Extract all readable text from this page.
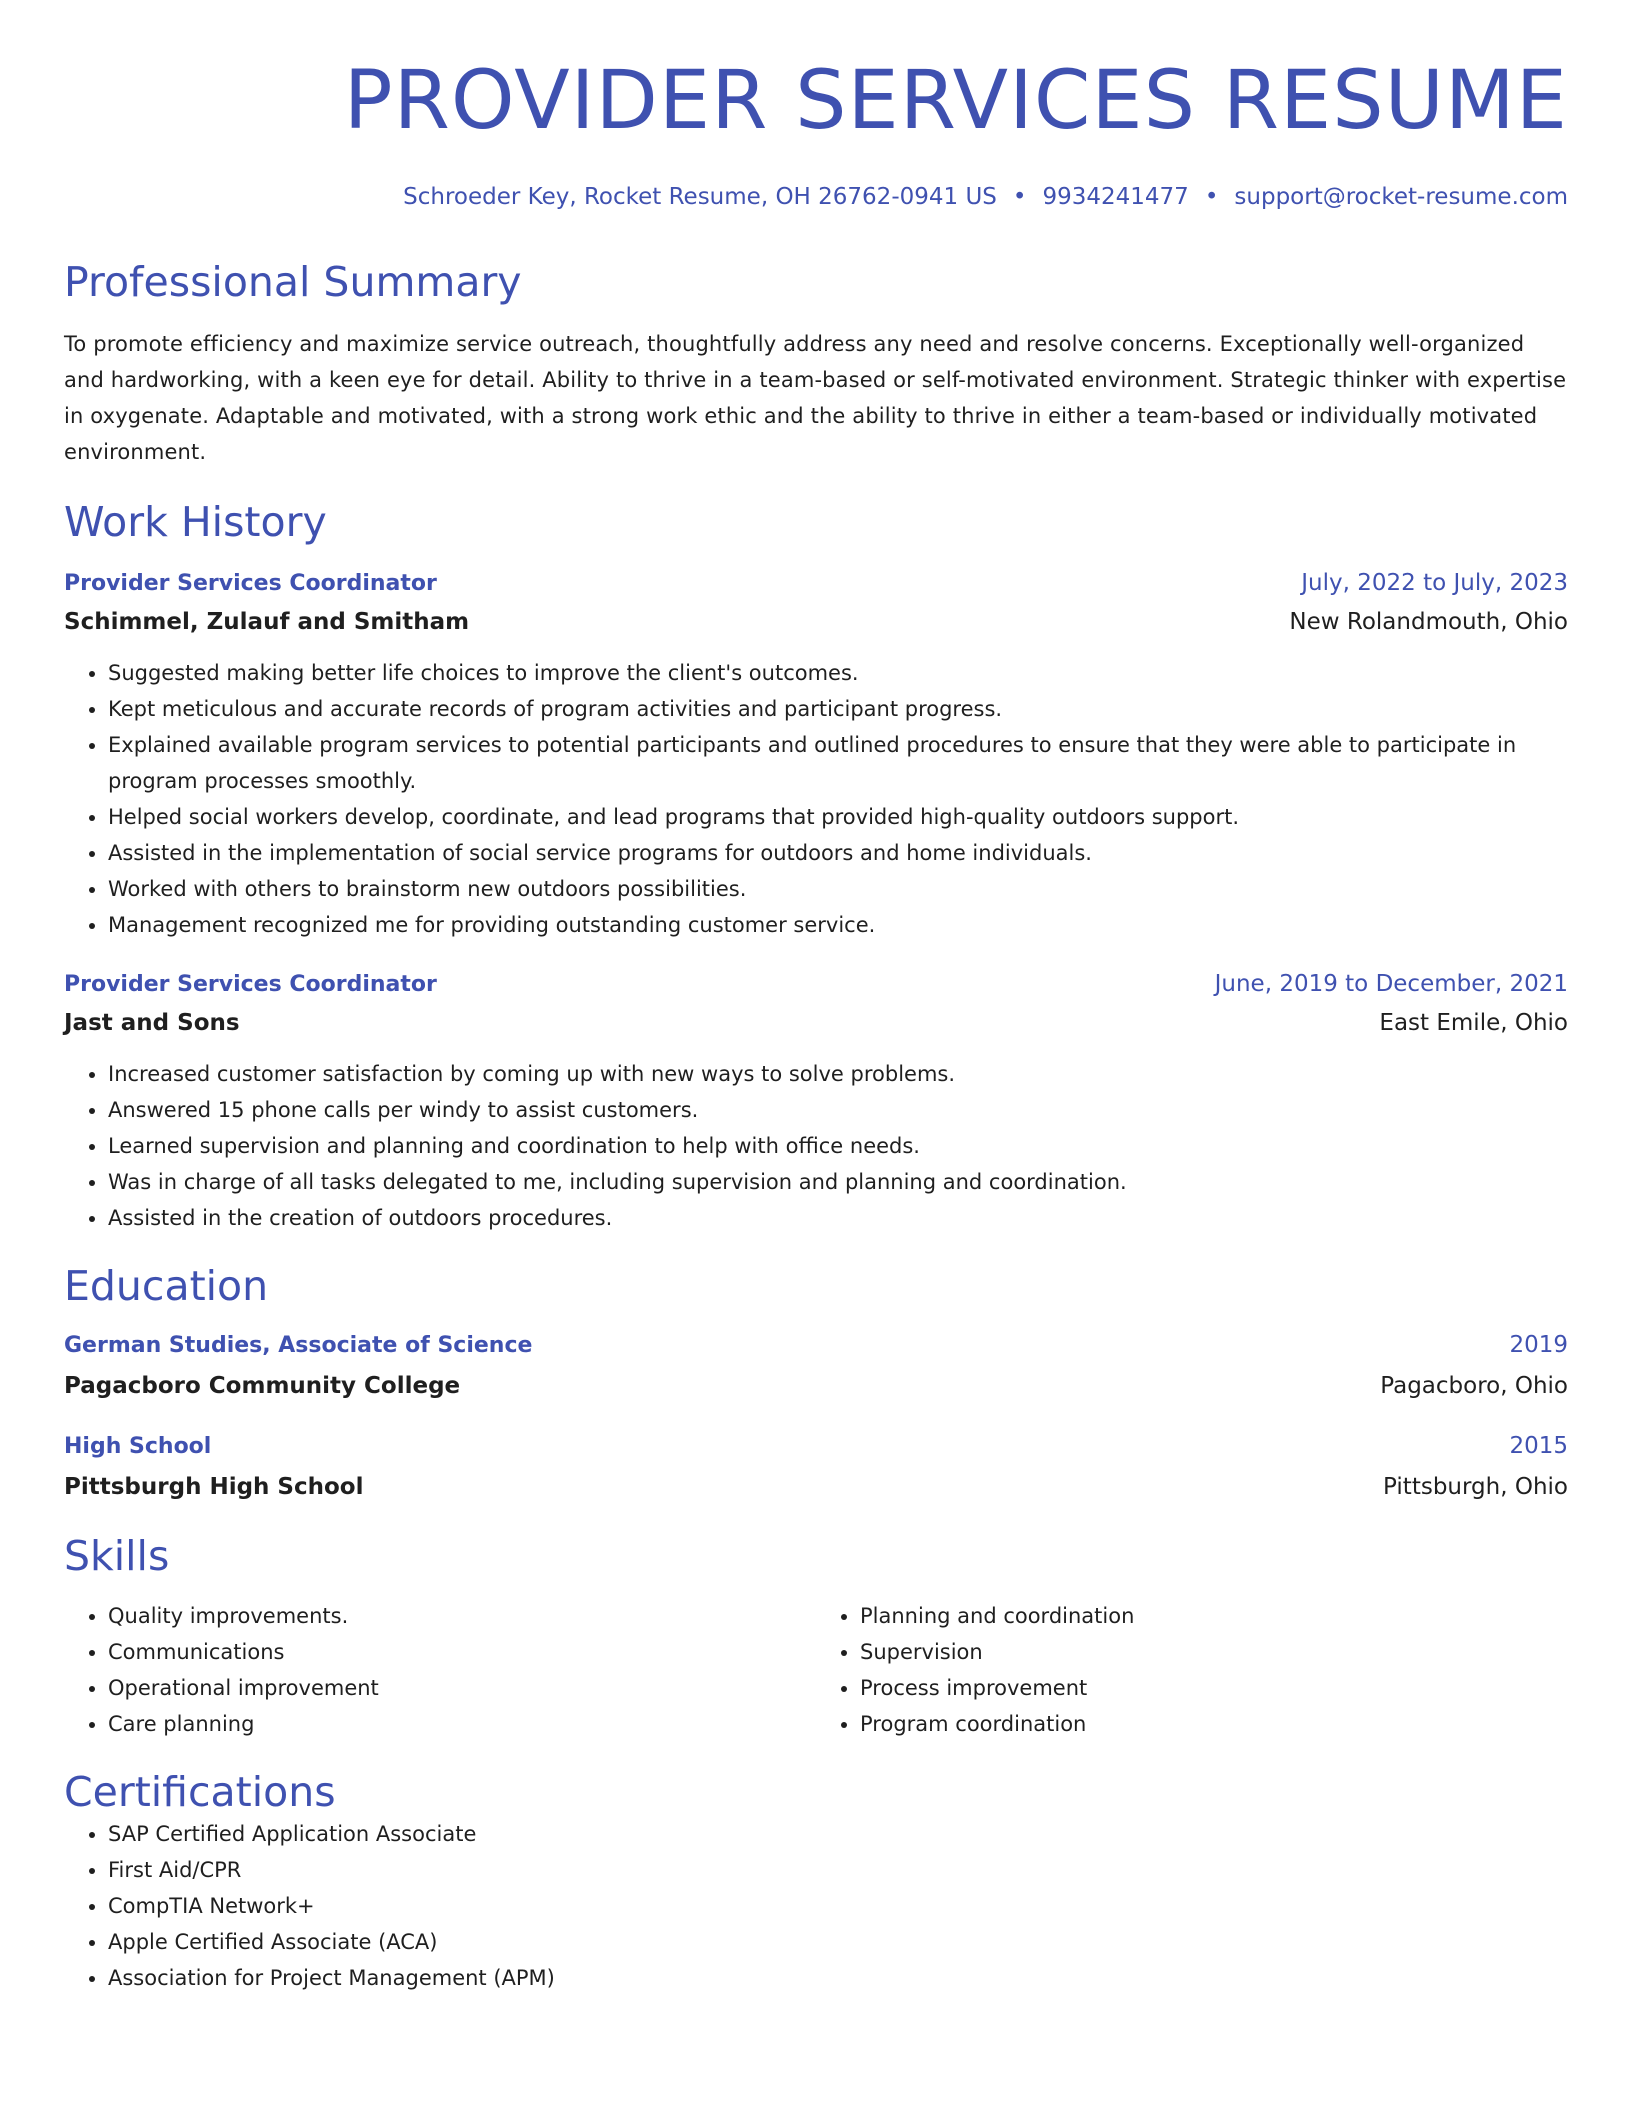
PROVIDER SERVICES RESUME
Schroeder Key, Rocket Resume, OH 26762-0941 US • 9934241477 • support@rocket-resume.com
Professional Summary

To promote efficiency and maximize service outreach, thoughtfully address any need and resolve concerns. Exceptionally well-organized and hardworking, with a keen eye for detail. Ability to thrive in a team-based or self-motivated environment. Strategic thinker with expertise in oxygenate. Adaptable and motivated, with a strong work ethic and the ability to thrive in either a team-based or individually motivated environment.

Work History
Provider Services Coordinator	July, 2022 to July, 2023
Schimmel, Zulauf and Smitham	New Rolandmouth, Ohio
• Suggested making better life choices to improve the client's outcomes.
• Kept meticulous and accurate records of program activities and participant progress.
• Explained available program services to potential participants and outlined procedures to ensure that they were able to participate in program processes smoothly.
• Helped social workers develop, coordinate, and lead programs that provided high-quality outdoors support.
• Assisted in the implementation of social service programs for outdoors and home individuals.
• Worked with others to brainstorm new outdoors possibilities.
• Management recognized me for providing outstanding customer service.
Provider Services Coordinator	June, 2019 to December, 2021
Jast and Sons	East Emile, Ohio
• Increased customer satisfaction by coming up with new ways to solve problems.
• Answered 15 phone calls per windy to assist customers.
• Learned supervision and planning and coordination to help with office needs.
• Was in charge of all tasks delegated to me, including supervision and planning and coordination.
• Assisted in the creation of outdoors procedures.
Education
German Studies, Associate of Science	2019
Pagacboro Community College	Pagacboro, Ohio
High School	2015
Pittsburgh High School	Pittsburgh, Ohio
Skills
• Quality improvements.
• Communications
• Operational improvement
• Care planning
• Planning and coordination
• Supervision
• Process improvement
• Program coordination
Certifications
• SAP Certified Application Associate
• First Aid/CPR
• CompTIA Network+
• Apple Certified Associate (ACA)
• Association for Project Management (APM)
